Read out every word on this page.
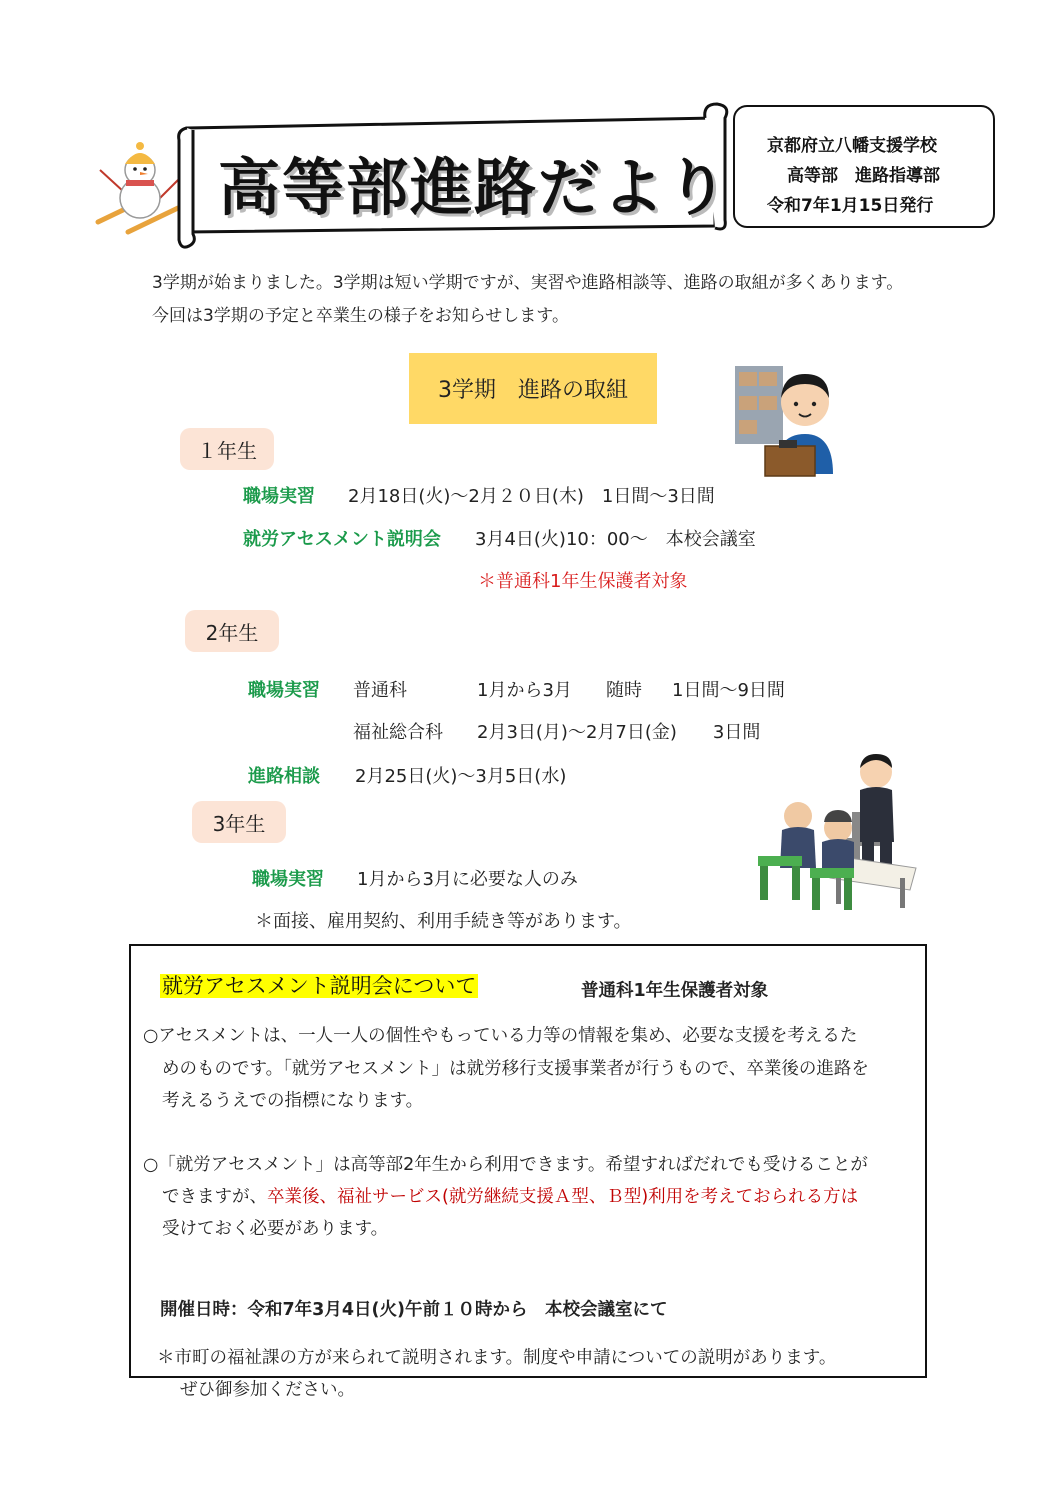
高等部進路だより
京都府立八幡支援学校
高等部　進路指導部
令和7年1月15日発行
3学期が始まりました。3学期は短い学期ですが、実習や進路相談等、進路の取組が多くあります。
今回は3学期の予定と卒業生の様子をお知らせします。
3学期　進路の取組
１年生
職場実習 2月18日(火)～2月２０日(木)　1日間～3日間
就労アセスメント説明会 3月4日(火)10：00～　本校会議室
＊普通科1年生保護者対象
2年生
職場実習 普通科	1月から3月 随時 1日間～9日間
福祉総合科 2月3日(月)～2月7日(金)　　3日間
進路相談 2月25日(火)～3月5日(水)
3年生
職場実習 1月から3月に必要な人のみ
＊面接、雇用契約、利用手続き等があります。
就労アセスメント説明会について	普通科1年生保護者対象
○アセスメントは、一人一人の個性やもっている力等の情報を集め、必要な支援を考えるた
めのものです。「就労アセスメント」は就労移行支援事業者が行うもので、卒業後の進路を
考えるうえでの指標になります。
○「就労アセスメント」は高等部2年生から利用できます。希望すればだれでも受けることが
できますが、卒業後、福祉サービス(就労継続支援Ａ型、Ｂ型)利用を考えておられる方は
受けておく必要があります。
開催日時：令和7年3月4日(火)午前１０時から　本校会議室にて
＊市町の福祉課の方が来られて説明されます。制度や申請についての説明があります。
ぜひ御参加ください。
